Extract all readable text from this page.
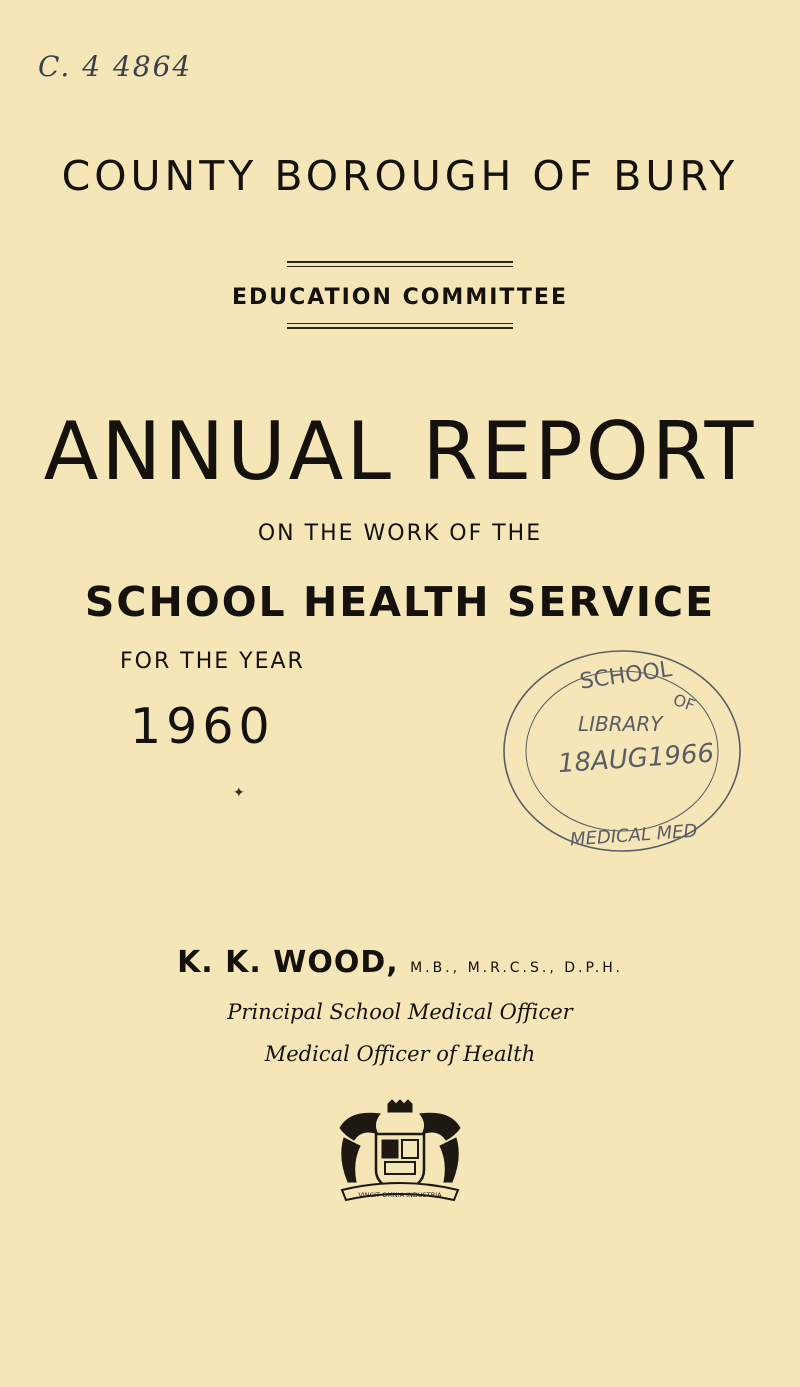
C. 4 4864
COUNTY BOROUGH OF BURY
EDUCATION COMMITTEE
ANNUAL REPORT
ON THE WORK OF THE
SCHOOL HEALTH SERVICE
FOR THE YEAR
1960
✦
SCHOOL
OF
LIBRARY
18AUG1966
MEDICAL MED
K. K. WOOD, M.B., M.R.C.S., D.P.H.
Principal School Medical Officer
Medical Officer of Health
VINCIT OMNIA INDUSTRIA
